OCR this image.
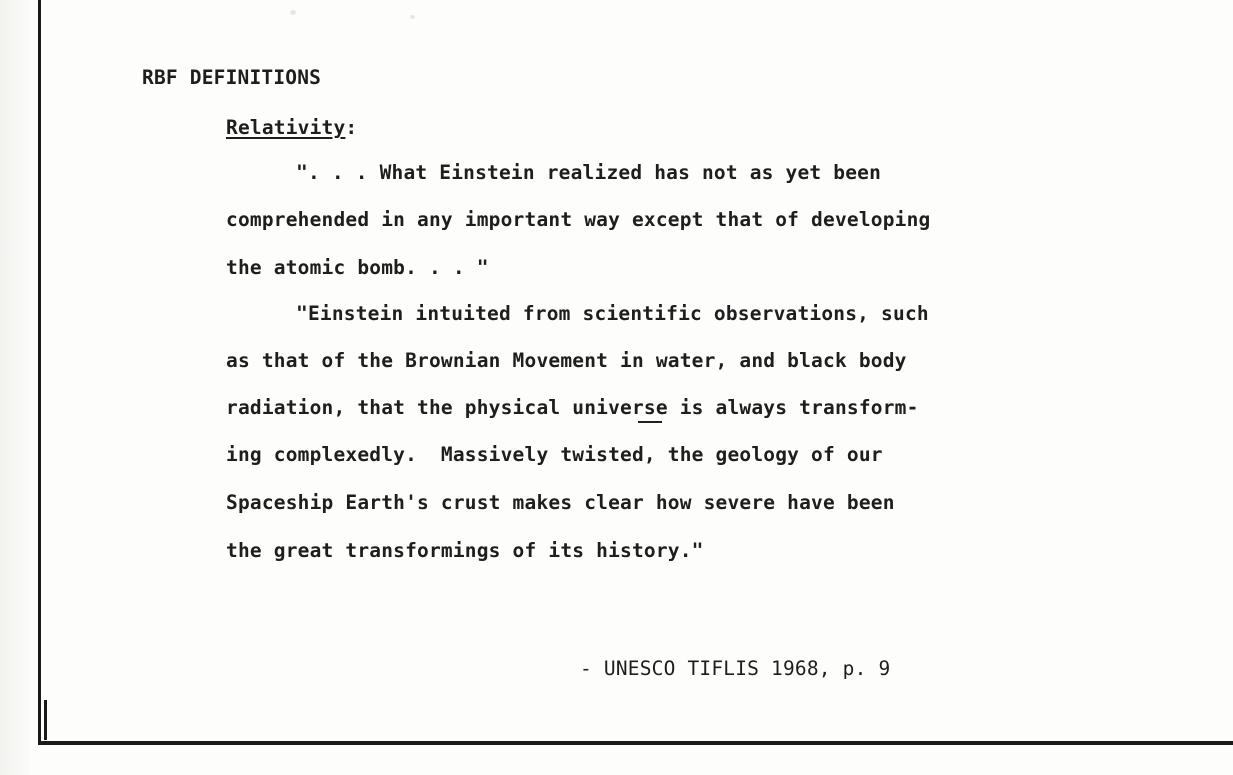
RBF DEFINITIONS
Relativity:
". . . What Einstein realized has not as yet been
comprehended in any important way except that of developing
the atomic bomb. . . "
"Einstein intuited from scientific observations, such
as that of the Brownian Movement in water, and black body
radiation, that the physical universe is always transform-
ing complexedly.  Massively twisted, the geology of our
Spaceship Earth's crust makes clear how severe have been
the great transformings of its history."
- UNESCO TIFLIS 1968, p. 9
